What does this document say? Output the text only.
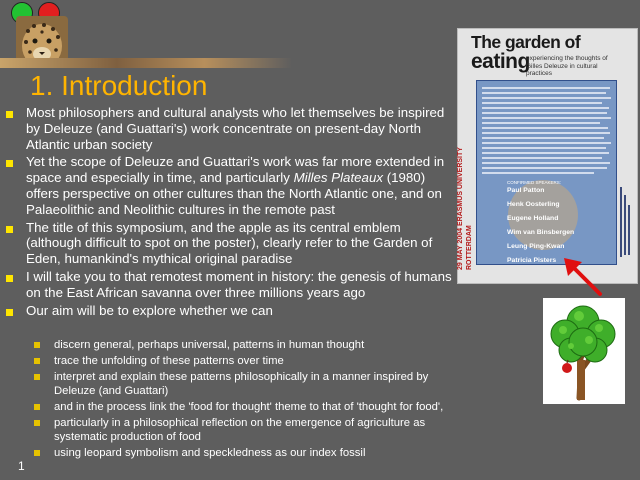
1. Introduction
Most philosophers and cultural analysts who let themselves be inspired by Deleuze (and Guattari's) work concentrate on present-day North Atlantic urban society
Yet the scope of Deleuze and Guattari's work was far more extended in space and especially in time, and particularly Milles Plateaux (1980) offers perspective on other cultures than the North Atlantic one, and on Palaeolithic and Neolithic cultures in the remote past
The title of this symposium, and the apple as its central emblem (although difficult to spot on the poster), clearly refer to the Garden of Eden, humankind's mythical original paradise
I will take you to that remotest moment in history: the genesis of humans on the East African savanna over three millions years ago
Our aim will be to explore whether we can
discern general, perhaps universal, patterns in human thought
trace the unfolding of these patterns over time
interpret and explain these patterns philosophically in a manner inspired by Deleuze (and Guattari)
and in the process link the 'food for thought' theme to that of 'thought for food',
particularly in a philosophical reflection on the emergence of agriculture as systematic production of food
using leopard symbolism and speckledness as our index fossil
1
The garden of
eating
experiencing the thoughts of Gilles Deleuze in cultural practices
29 MAY 2004 ERASMUS UNIVERSITY ROTTERDAM
CONFIRMED SPEAKERS:
Paul Patton

Henk Oosterling

Eugene Holland

Wim van Binsbergen

Leung Ping-Kwan

Patricia Pisters
